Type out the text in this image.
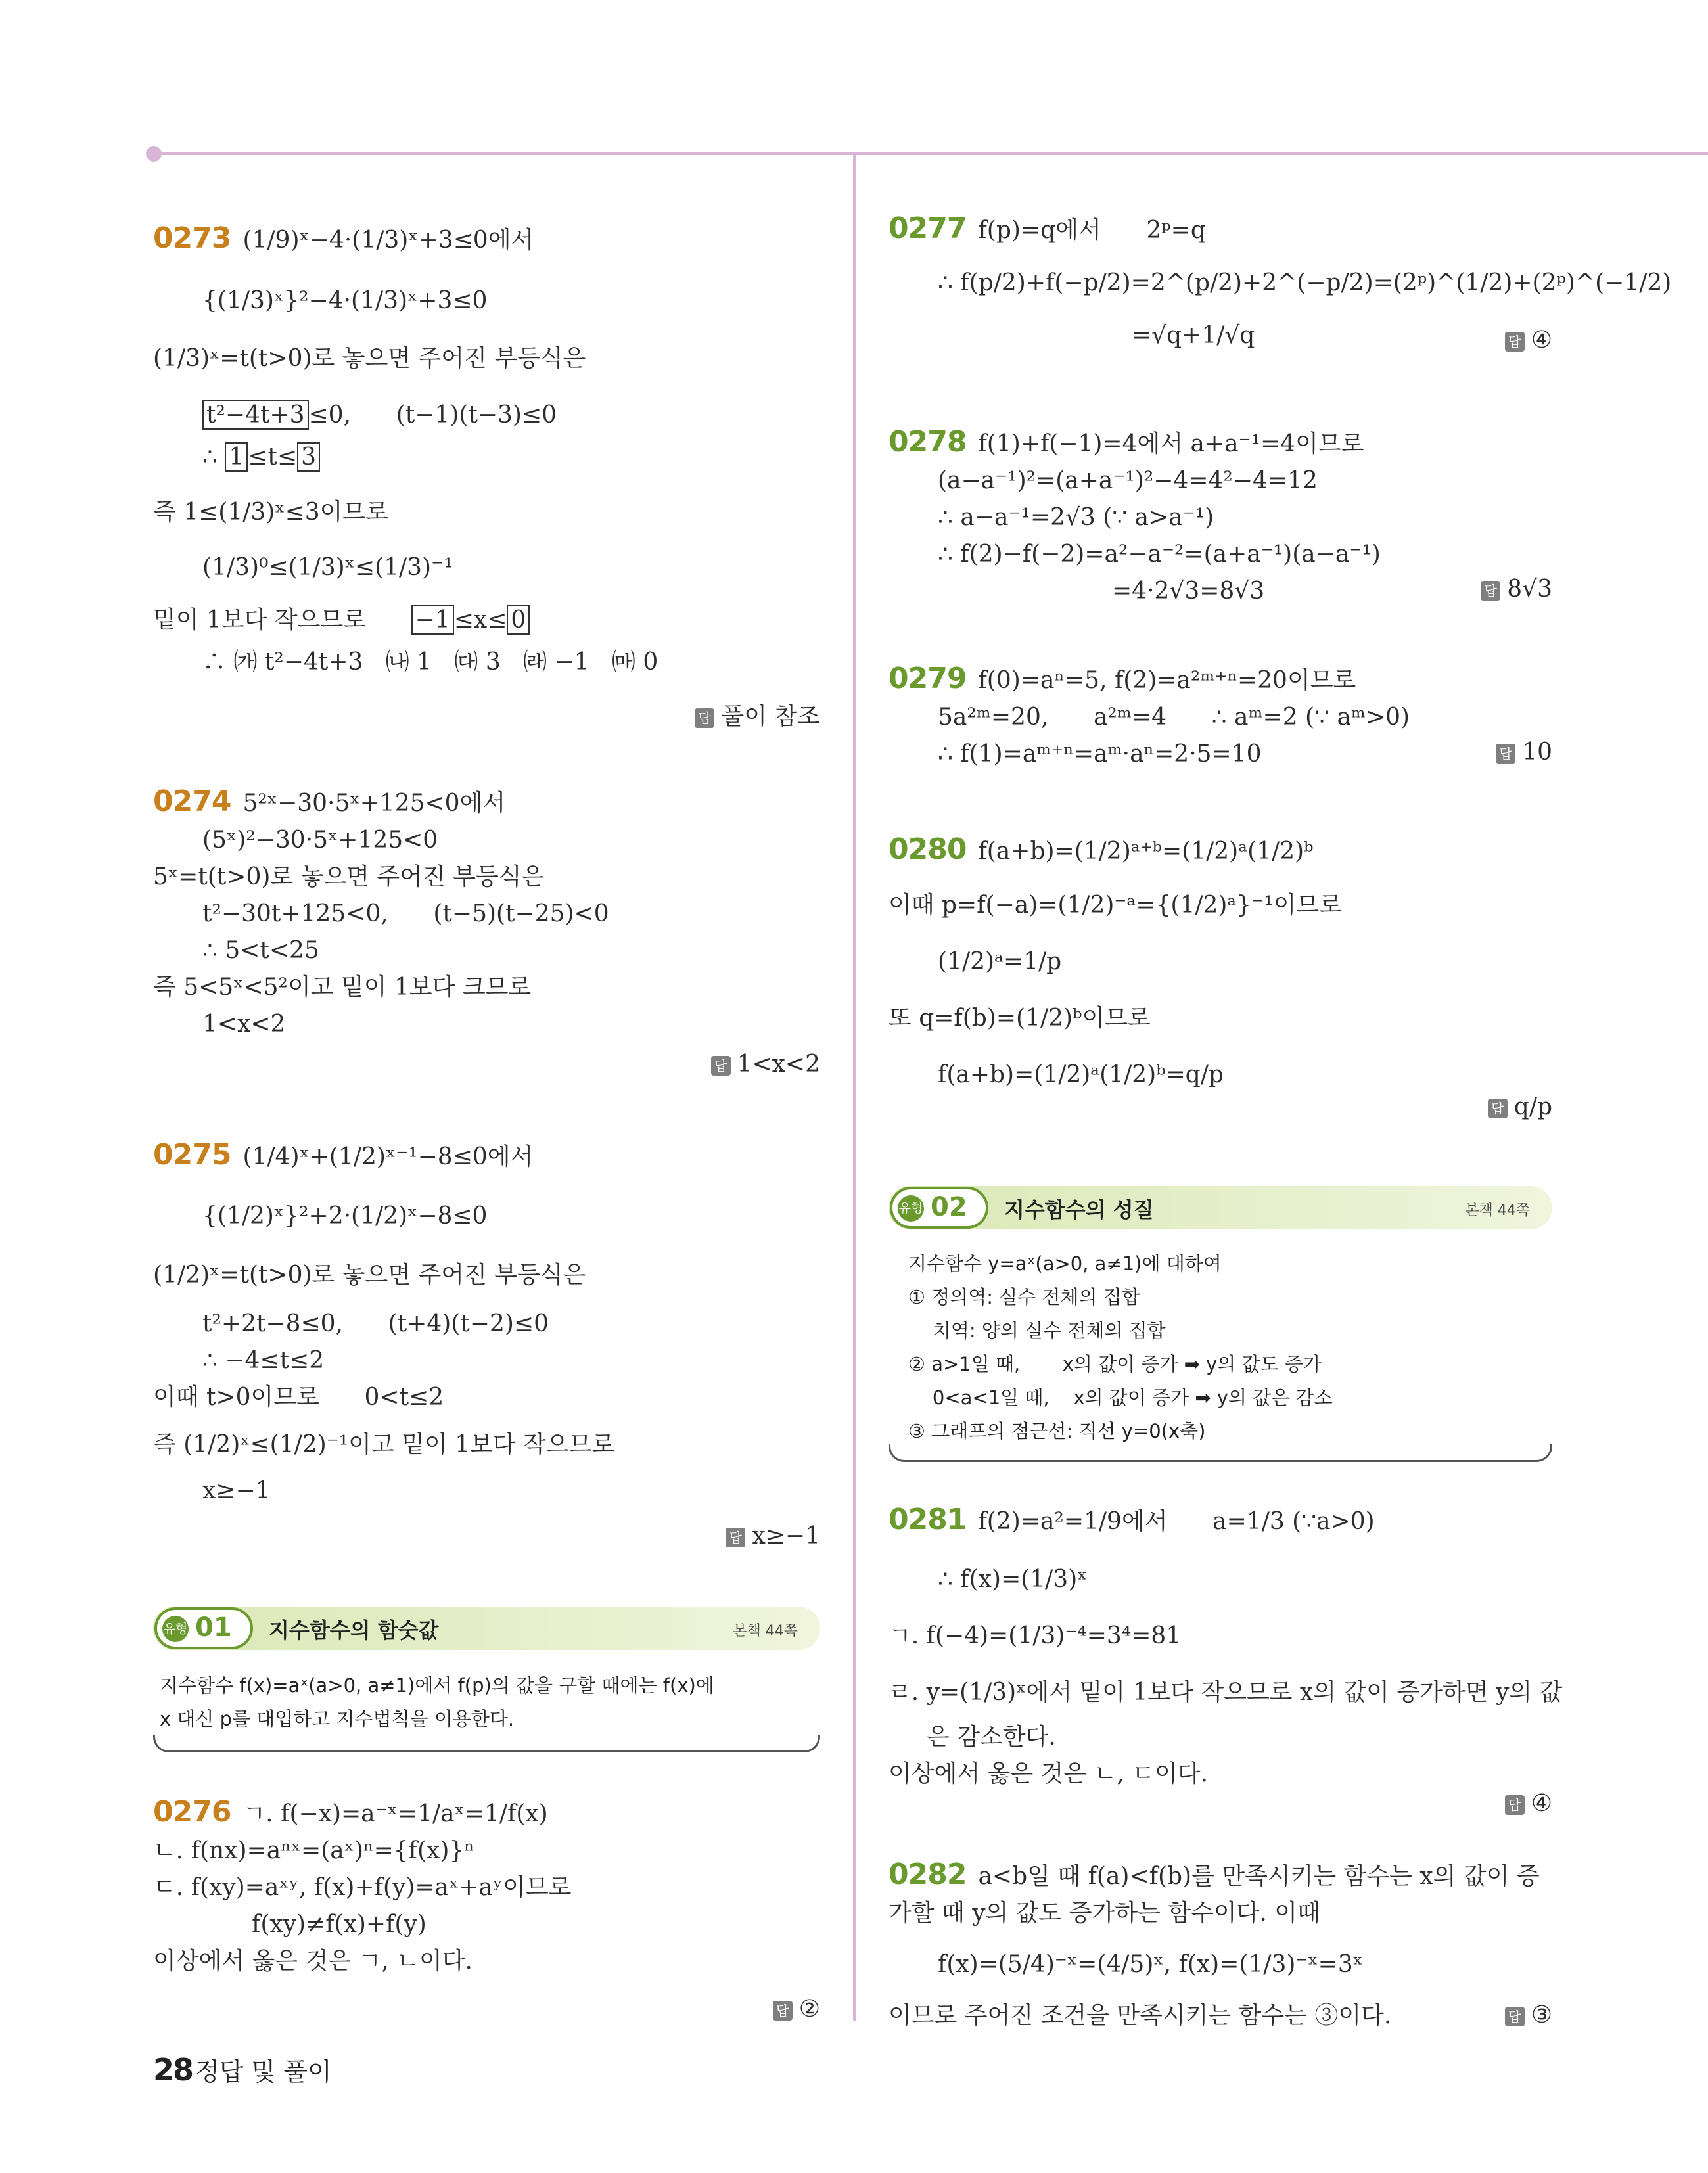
0273 (1/9)ˣ−4·(1/3)ˣ+3≤0에서
{(1/3)ˣ}²−4·(1/3)ˣ+3≤0
(1/3)ˣ=t(t>0)로 놓으면 주어진 부등식은
t²−4t+3 ≤0,      (t−1)(t−3)≤0
∴ 1 ≤t≤ 3
즉 1≤(1/3)ˣ≤3이므로
(1/3)⁰≤(1/3)ˣ≤(1/3)⁻¹
밑이 1보다 작으므로      −1 ≤x≤ 0
∴ ㈎ t²−4t+3   ㈏ 1   ㈐ 3   ㈑ −1   ㈒ 0
답 풀이 참조
0274 5²ˣ−30·5ˣ+125<0에서
(5ˣ)²−30·5ˣ+125<0
5ˣ=t(t>0)로 놓으면 주어진 부등식은
t²−30t+125<0,      (t−5)(t−25)<0
∴ 5<t<25
즉 5<5ˣ<5²이고 밑이 1보다 크므로
1<x<2
답 1<x<2
0275 (1/4)ˣ+(1/2)ˣ⁻¹−8≤0에서
{(1/2)ˣ}²+2·(1/2)ˣ−8≤0
(1/2)ˣ=t(t>0)로 놓으면 주어진 부등식은
t²+2t−8≤0,      (t+4)(t−2)≤0
∴ −4≤t≤2
이때 t>0이므로      0<t≤2
즉 (1/2)ˣ≤(1/2)⁻¹이고 밑이 1보다 작으므로
x≥−1
답 x≥−1
유형 01 지수함수의 함숫값	본책 44쪽
지수함수 f(x)=aˣ(a>0, a≠1)에서 f(p)의 값을 구할 때에는 f(x)에
x 대신 p를 대입하고 지수법칙을 이용한다.
0276 ㄱ. f(−x)=a⁻ˣ=1/aˣ=1/f(x)
ㄴ. f(nx)=aⁿˣ=(aˣ)ⁿ={f(x)}ⁿ
ㄷ. f(xy)=aˣʸ, f(x)+f(y)=aˣ+aʸ이므로
f(xy)≠f(x)+f(y)
이상에서 옳은 것은 ㄱ, ㄴ이다.
답 ②
0277 f(p)=q에서      2ᵖ=q
∴ f(p/2)+f(−p/2)=2^(p/2)+2^(−p/2)=(2ᵖ)^(1/2)+(2ᵖ)^(−1/2)
=√q+1/√q	답 ④
0278 f(1)+f(−1)=4에서 a+a⁻¹=4이므로
(a−a⁻¹)²=(a+a⁻¹)²−4=4²−4=12
∴ a−a⁻¹=2√3 (∵ a>a⁻¹)
∴ f(2)−f(−2)=a²−a⁻²=(a+a⁻¹)(a−a⁻¹)
=4·2√3=8√3	답 8√3
0279 f(0)=aⁿ=5, f(2)=a²ᵐ⁺ⁿ=20이므로
5a²ᵐ=20,      a²ᵐ=4      ∴ aᵐ=2 (∵ aᵐ>0)
∴ f(1)=aᵐ⁺ⁿ=aᵐ·aⁿ=2·5=10	답 10
0280 f(a+b)=(1/2)ᵃ⁺ᵇ=(1/2)ᵃ(1/2)ᵇ
이때 p=f(−a)=(1/2)⁻ᵃ={(1/2)ᵃ}⁻¹이므로
(1/2)ᵃ=1/p
또 q=f(b)=(1/2)ᵇ이므로
f(a+b)=(1/2)ᵃ(1/2)ᵇ=q/p
답 q/p
유형 02 지수함수의 성질	본책 44쪽
지수함수 y=aˣ(a>0, a≠1)에 대하여
① 정의역: 실수 전체의 집합
치역: 양의 실수 전체의 집합
② a>1일 때,       x의 값이 증가 ➡ y의 값도 증가
0<a<1일 때,    x의 값이 증가 ➡ y의 값은 감소
③ 그래프의 점근선: 직선 y=0(x축)
0281 f(2)=a²=1/9에서      a=1/3 (∵a>0)
∴ f(x)=(1/3)ˣ
ㄱ. f(−4)=(1/3)⁻⁴=3⁴=81
ㄹ. y=(1/3)ˣ에서 밑이 1보다 작으므로 x의 값이 증가하면 y의 값
은 감소한다.
이상에서 옳은 것은 ㄴ, ㄷ이다.
답 ④
0282 a<b일 때 f(a)<f(b)를 만족시키는 함수는 x의 값이 증
가할 때 y의 값도 증가하는 함수이다. 이때
f(x)=(5/4)⁻ˣ=(4/5)ˣ, f(x)=(1/3)⁻ˣ=3ˣ
이므로 주어진 조건을 만족시키는 함수는 ③이다.	답 ③
28 정답 및 풀이
